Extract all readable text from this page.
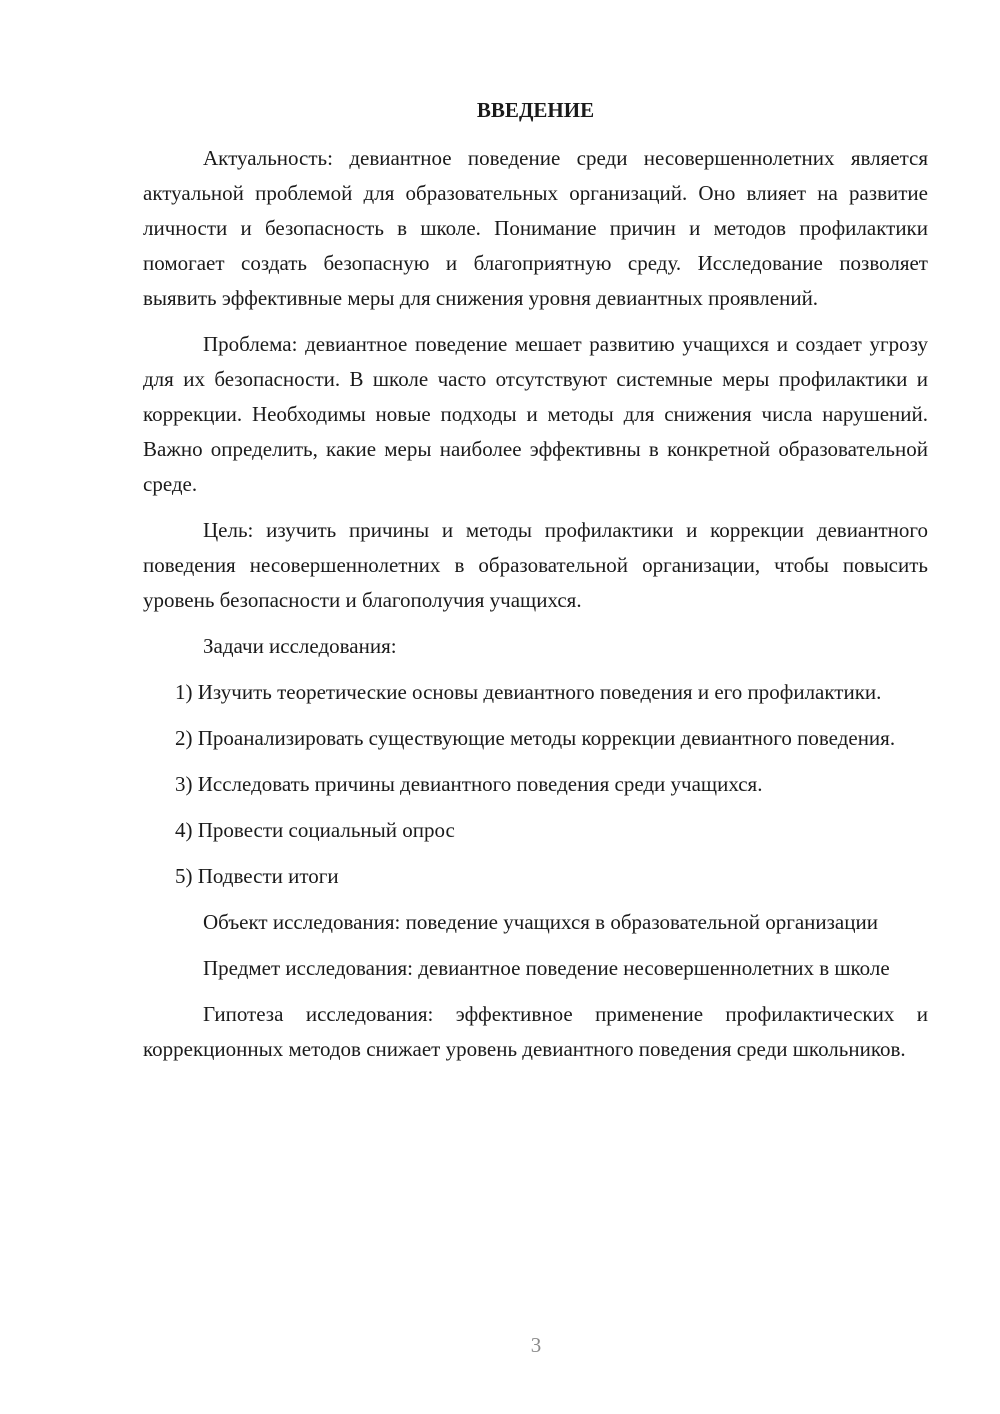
ВВЕДЕНИЕ

Актуальность: девиантное поведение среди несовершеннолетних является актуальной проблемой для образовательных организаций. Оно влияет на развитие личности и безопасность в школе. Понимание причин и методов профилактики помогает создать безопасную и благоприятную среду. Исследование позволяет выявить эффективные меры для снижения уровня девиантных проявлений.

Проблема: девиантное поведение мешает развитию учащихся и создает угрозу для их безопасности. В школе часто отсутствуют системные меры профилактики и коррекции. Необходимы новые подходы и методы для снижения числа нарушений. Важно определить, какие меры наиболее эффективны в конкретной образовательной среде.

Цель: изучить причины и методы профилактики и коррекции девиантного поведения несовершеннолетних в образовательной организации, чтобы повысить уровень безопасности и благополучия учащихся.

Задачи исследования:

1) Изучить теоретические основы девиантного поведения и его профилактики.

2) Проанализировать существующие методы коррекции девиантного поведения.

3) Исследовать причины девиантного поведения среди учащихся.

4) Провести социальный опрос

5) Подвести итоги

Объект исследования: поведение учащихся в образовательной организации

Предмет исследования: девиантное поведение несовершеннолетних в школе

Гипотеза исследования: эффективное применение профилактических и коррекционных методов снижает уровень девиантного поведения среди школьников.

3
